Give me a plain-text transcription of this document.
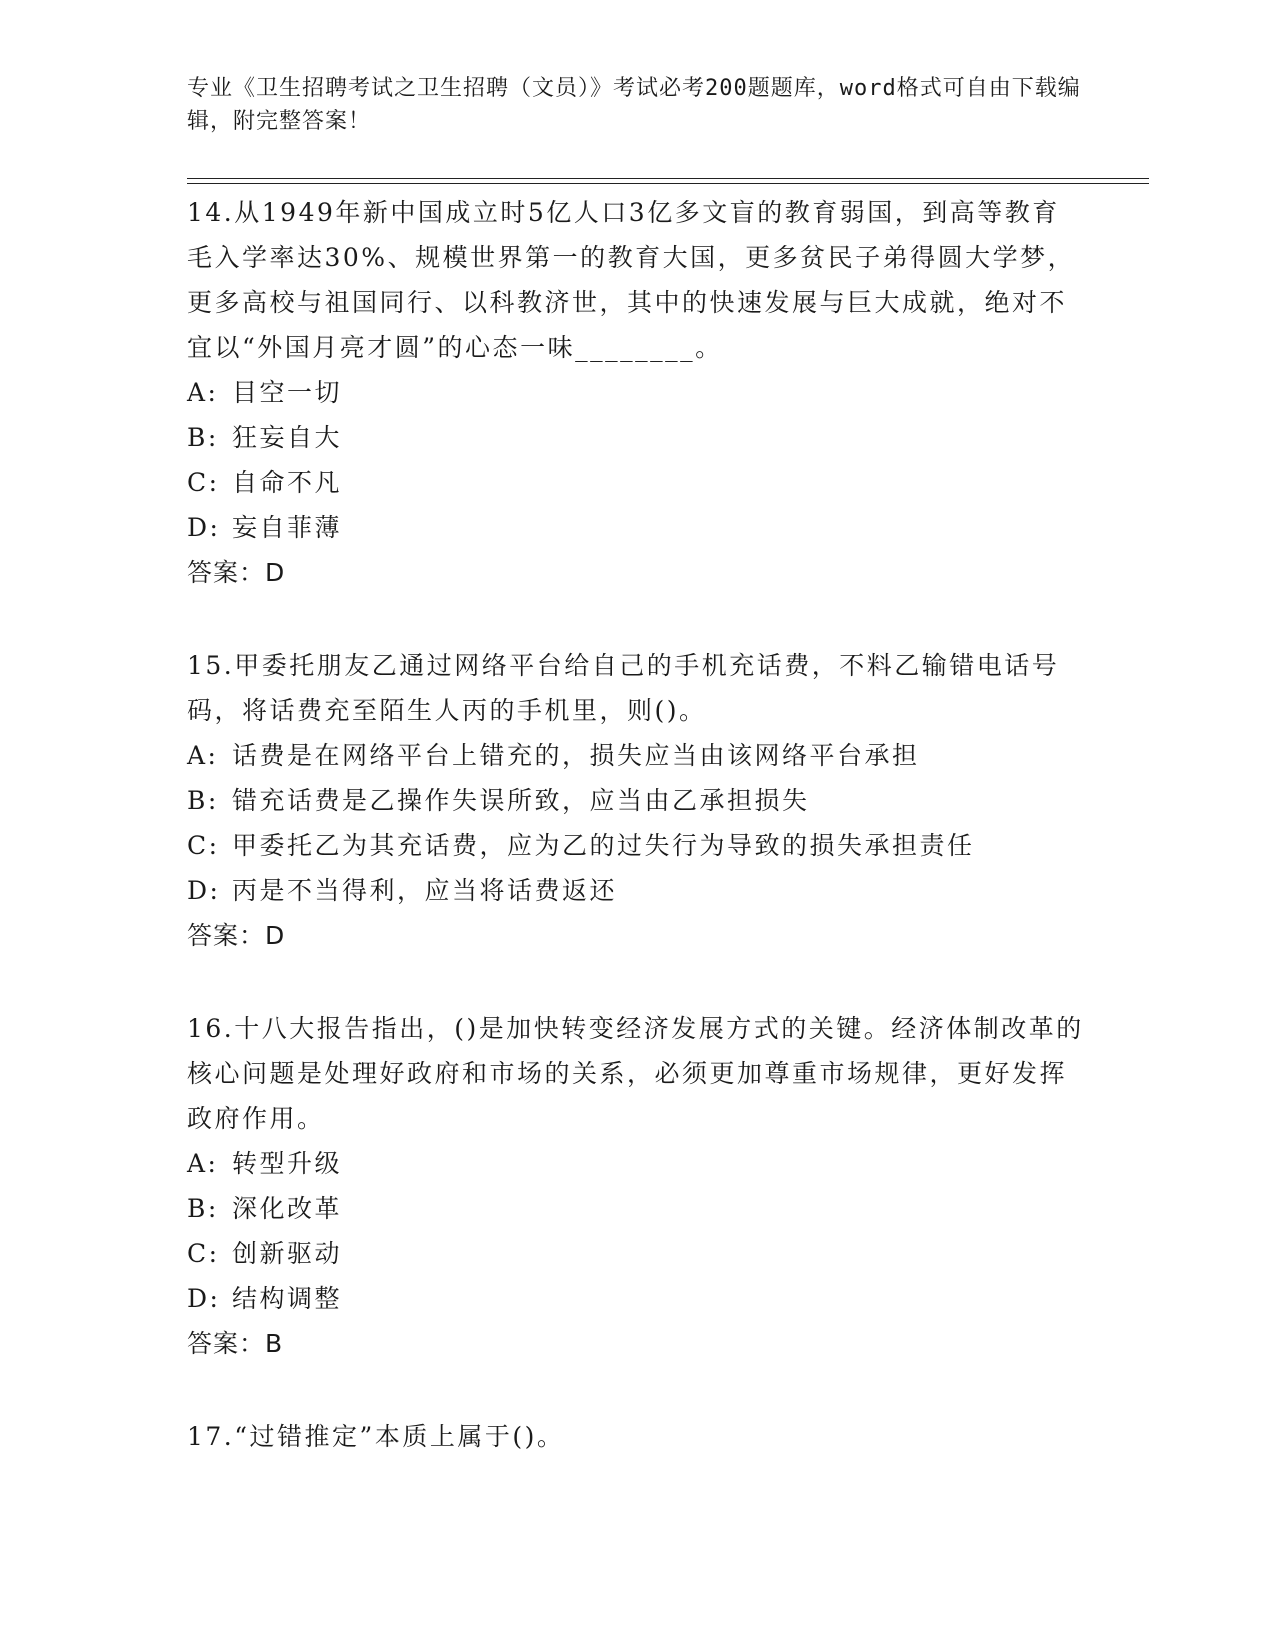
专业《卫生招聘考试之卫生招聘（文员）》考试必考200题题库，word格式可自由下载编辑，附完整答案！
14.从1949年新中国成立时5亿人口3亿多文盲的教育弱国，到高等教育毛入学率达30%、规模世界第一的教育大国，更多贫民子弟得圆大学梦，更多高校与祖国同行、以科教济世，其中的快速发展与巨大成就，绝对不宜以“外国月亮才圆”的心态一味________。
A: 目空一切
B: 狂妄自大
C: 自命不凡
D: 妄自菲薄
答案：D
15.甲委托朋友乙通过网络平台给自己的手机充话费，不料乙输错电话号码，将话费充至陌生人丙的手机里，则()。
A: 话费是在网络平台上错充的，损失应当由该网络平台承担
B: 错充话费是乙操作失误所致，应当由乙承担损失
C: 甲委托乙为其充话费，应为乙的过失行为导致的损失承担责任
D: 丙是不当得利，应当将话费返还
答案：D
16.十八大报告指出，()是加快转变经济发展方式的关键。经济体制改革的核心问题是处理好政府和市场的关系，必须更加尊重市场规律，更好发挥政府作用。
A: 转型升级
B: 深化改革
C: 创新驱动
D: 结构调整
答案：B
17.“过错推定”本质上属于()。
